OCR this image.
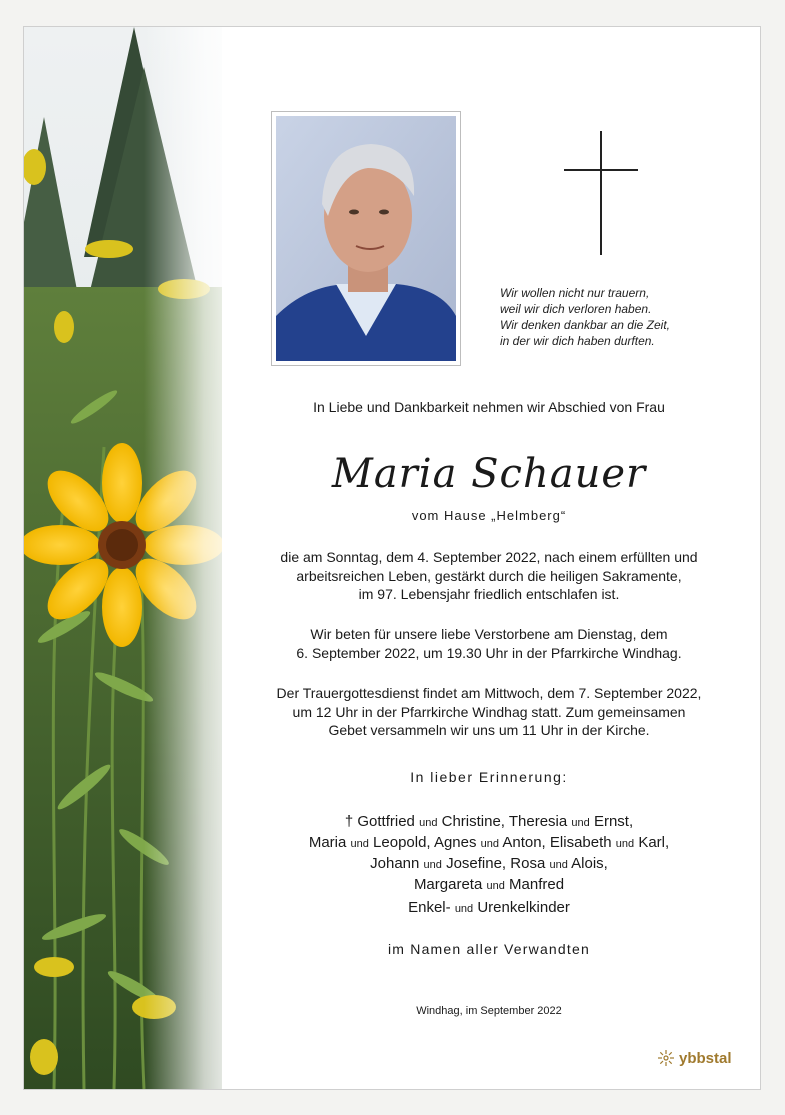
Wir wollen nicht nur trauern,
weil wir dich verloren haben.
Wir denken dankbar an die Zeit,
in der wir dich haben durften.
In Liebe und Dankbarkeit nehmen wir Abschied von Frau
Maria Schauer
vom Hause „Helmberg“
die am Sonntag, dem 4. September 2022, nach einem erfüllten und
arbeitsreichen Leben, gestärkt durch die heiligen Sakramente,
im 97. Lebensjahr friedlich entschlafen ist.
Wir beten für unsere liebe Verstorbene am Dienstag, dem
6. September 2022, um 19.30 Uhr in der Pfarrkirche Windhag.
Der Trauergottesdienst findet am Mittwoch, dem 7. September 2022,
um 12 Uhr in der Pfarrkirche Windhag statt. Zum gemeinsamen
Gebet versammeln wir uns um 11 Uhr in der Kirche.
In lieber Erinnerung:
† Gottfried und Christine, Theresia und Ernst,
Maria und Leopold, Agnes und Anton, Elisabeth und Karl,
Johann und Josefine, Rosa und Alois,
Margareta und Manfred
Enkel- und Urenkelkinder
im Namen aller Verwandten
Windhag, im September 2022
ybbstal
